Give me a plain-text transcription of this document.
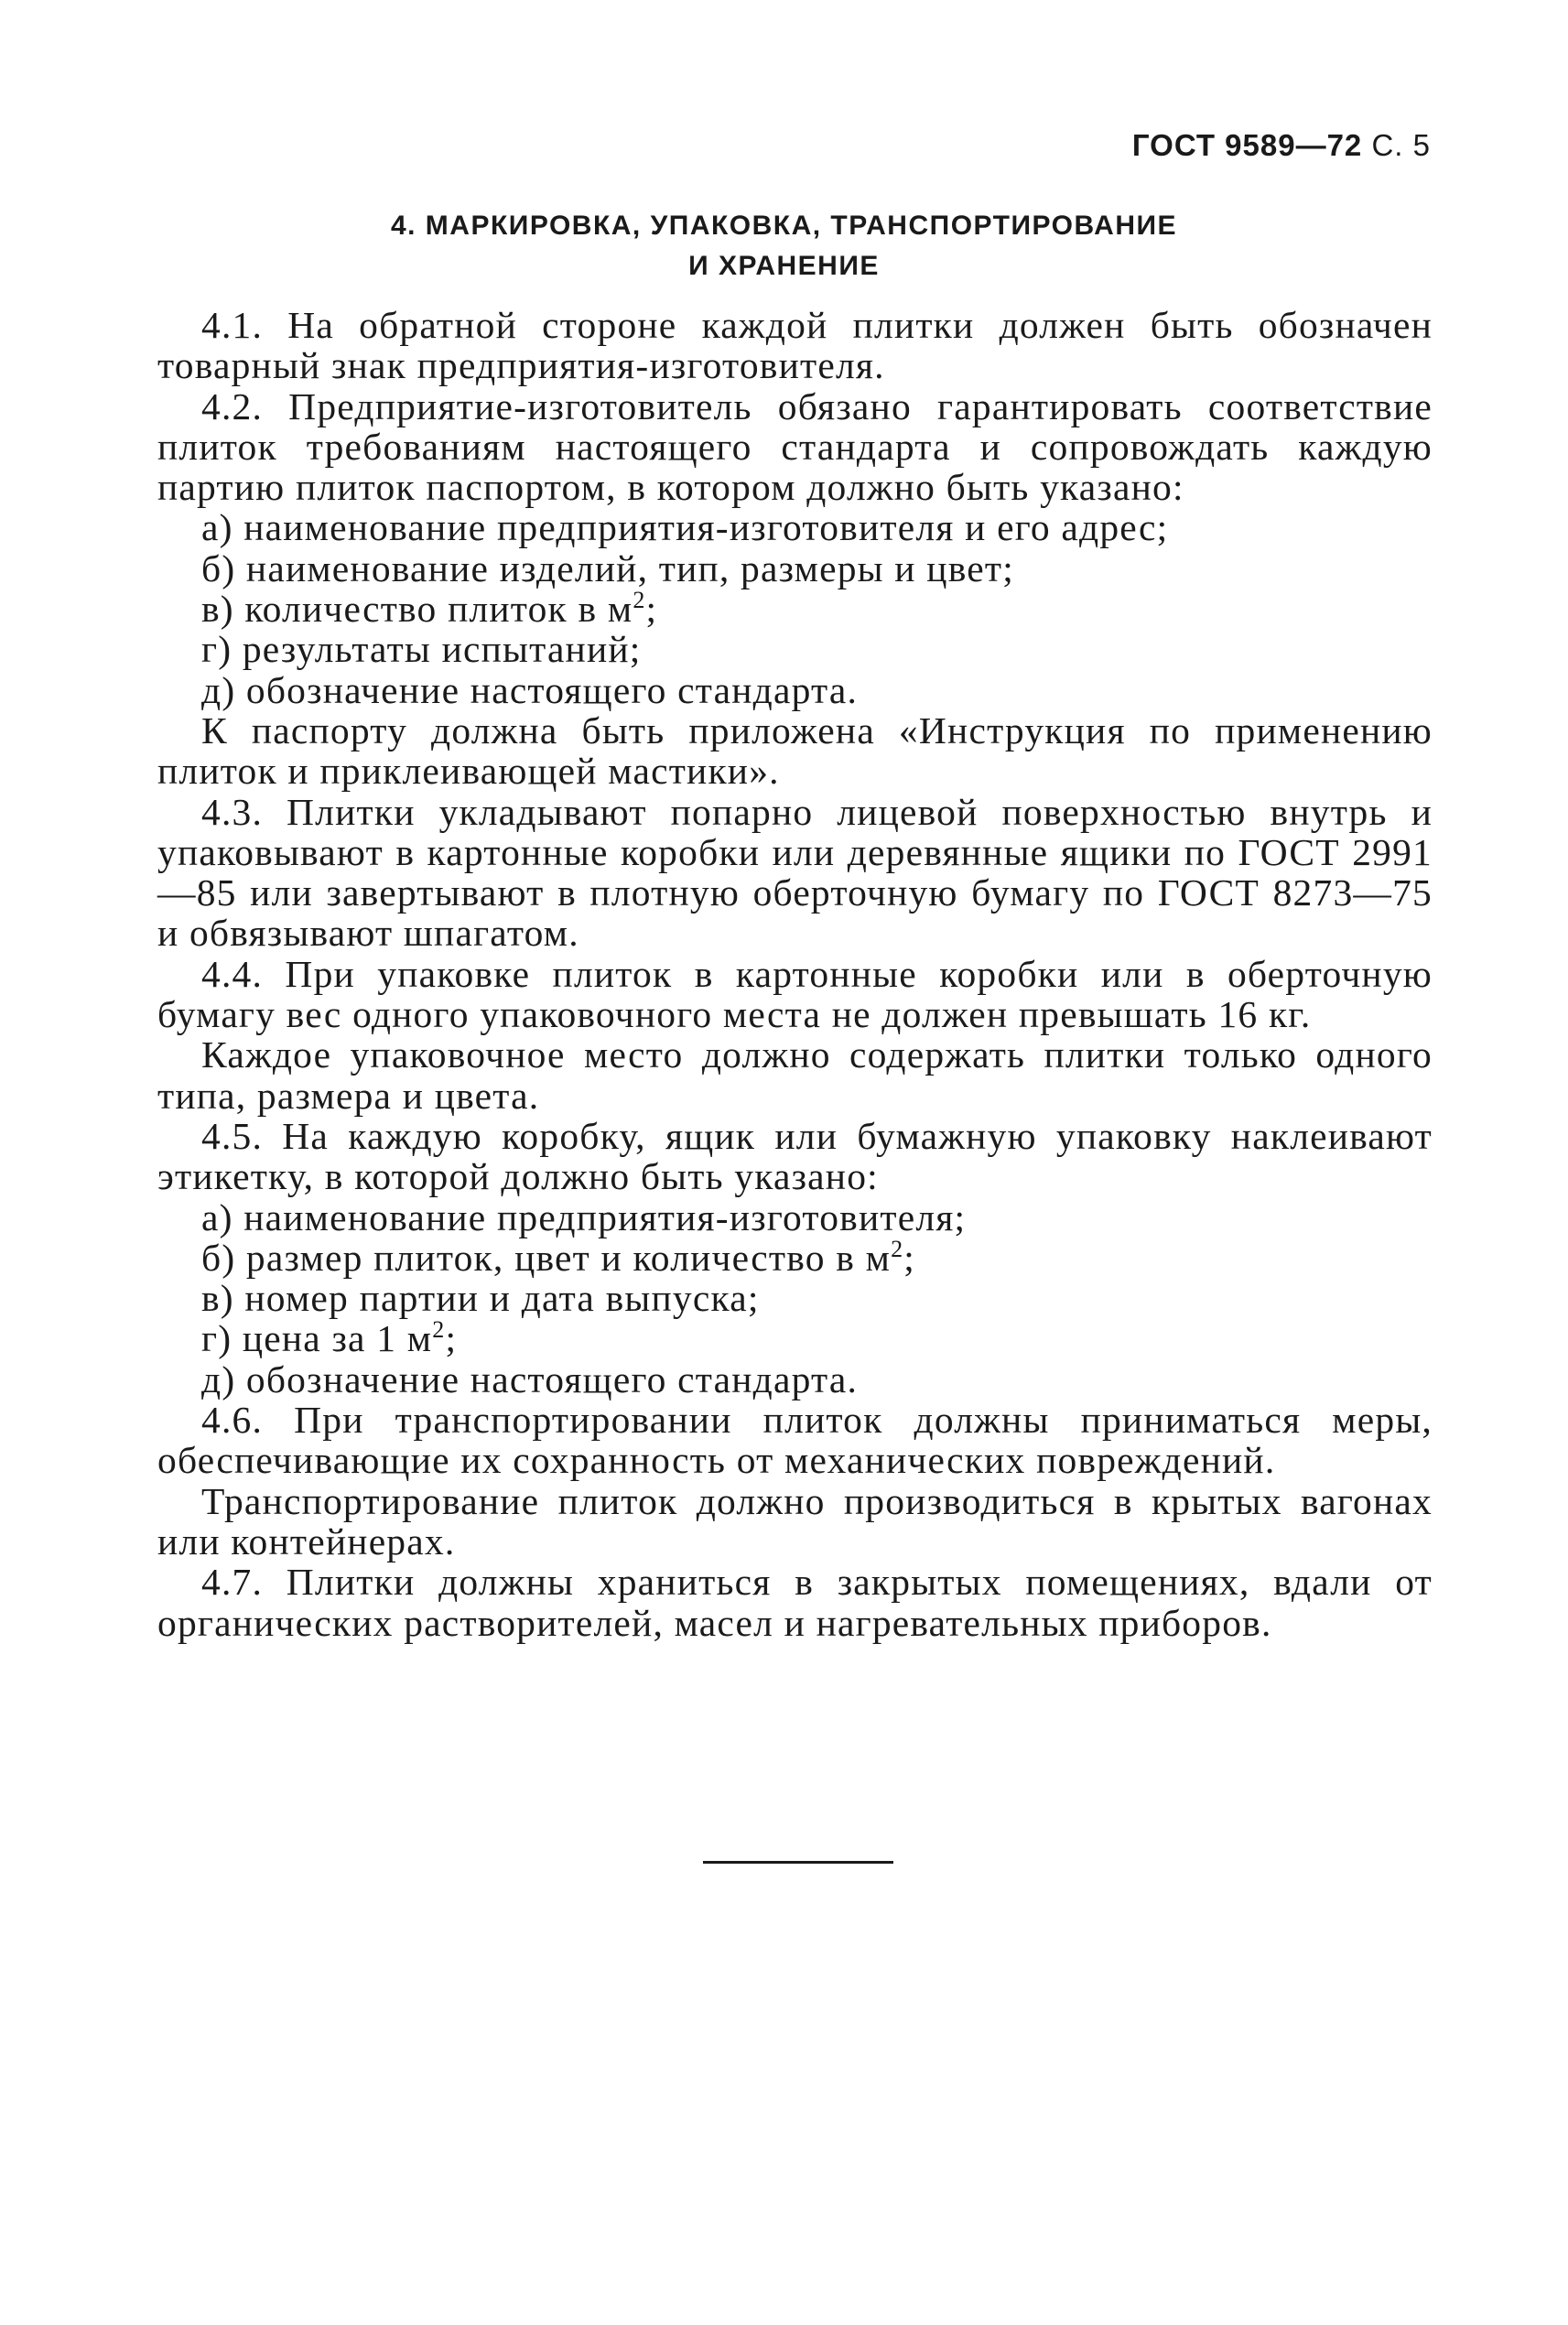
ГОСТ 9589—72 С. 5
4. МАРКИРОВКА, УПАКОВКА, ТРАНСПОРТИРОВАНИЕ
И ХРАНЕНИЕ

4.1. На обратной стороне каждой плитки должен быть обозначен товарный знак предприятия-изготовителя.

4.2. Предприятие-изготовитель обязано гарантировать соответствие плиток требованиям настоящего стандарта и сопровождать каждую партию плиток паспортом, в котором должно быть указано:

а) наименование предприятия-изготовителя и его адрес;

б) наименование изделий, тип, размеры и цвет;

в) количество плиток в $м^2$;

г) результаты испытаний;

д) обозначение настоящего стандарта.

К паспорту должна быть приложена «Инструкция по применению плиток и приклеивающей мастики».

4.3. Плитки укладывают попарно лицевой поверхностью внутрь и упаковывают в картонные коробки или деревянные ящики по ГОСТ 2991—85 или завертывают в плотную оберточную бумагу по ГОСТ 8273—75 и обвязывают шпагатом.

4.4. При упаковке плиток в картонные коробки или в оберточную бумагу вес одного упаковочного места не должен превышать 16 кг.

Каждое упаковочное место должно содержать плитки только одного типа, размера и цвета.

4.5. На каждую коробку, ящик или бумажную упаковку наклеивают этикетку, в которой должно быть указано:

а) наименование предприятия-изготовителя;

б) размер плиток, цвет и количество в $м^2$;

в) номер партии и дата выпуска;

г) цена за 1 $м^2$;

д) обозначение настоящего стандарта.

4.6. При транспортировании плиток должны приниматься меры, обеспечивающие их сохранность от механических повреждений.

Транспортирование плиток должно производиться в крытых вагонах или контейнерах.

4.7. Плитки должны храниться в закрытых помещениях, вдали от органических растворителей, масел и нагревательных приборов.
